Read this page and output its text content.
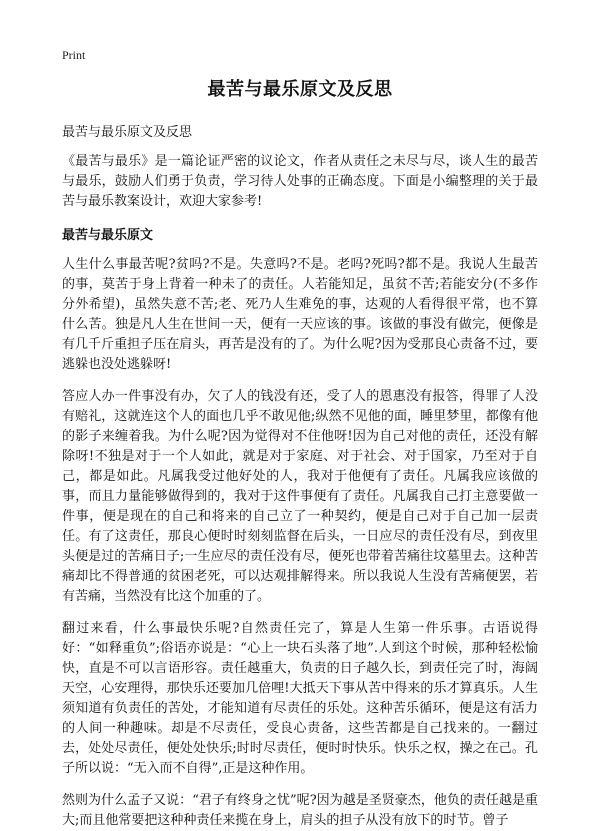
Print
最苦与最乐原文及反思
最苦与最乐原文及反思

《最苦与最乐》是一篇论证严密的议论文，作者从责任之未尽与尽，谈人生的最苦与最乐，鼓励人们勇于负责，学习待人处事的正确态度。下面是小编整理的关于最苦与最乐教案设计，欢迎大家参考!

最苦与最乐原文

人生什么事最苦呢?贫吗?不是。失意吗?不是。老吗?死吗?都不是。我说人生最苦的事，莫苦于身上背着一种未了的责任。人若能知足，虽贫不苦;若能安分(不多作分外希望)，虽然失意不苦;老、死乃人生难免的事，达观的人看得很平常，也不算什么苦。独是凡人生在世间一天，便有一天应该的事。该做的事没有做完，便像是有几千斤重担子压在肩头，再苦是没有的了。为什么呢?因为受那良心责备不过，要逃躲也没处逃躲呀!

答应人办一件事没有办，欠了人的钱没有还，受了人的恩惠没有报答，得罪了人没有赔礼，这就连这个人的面也几乎不敢见他;纵然不见他的面，睡里梦里，都像有他的影子来缠着我。为什么呢?因为觉得对不住他呀!因为自己对他的责任，还没有解除呀!不独是对于一个人如此，就是对于家庭、对于社会、对于国家，乃至对于自己，都是如此。凡属我受过他好处的人，我对于他便有了责任。凡属我应该做的事，而且力量能够做得到的，我对于这件事便有了责任。凡属我自己打主意要做一件事，便是现在的自己和将来的自己立了一种契约，便是自己对于自己加一层责任。有了这责任，那良心便时时刻刻监督在后头，一日应尽的责任没有尽，到夜里头便是过的苦痛日子;一生应尽的责任没有尽，便死也带着苦痛往坟墓里去。这种苦痛却比不得普通的贫困老死，可以达观排解得来。所以我说人生没有苦痛便罢，若有苦痛，当然没有比这个加重的了。

翻过来看，什么事最快乐呢?自然责任完了，算是人生第一件乐事。古语说得好：“如释重负”;俗语亦说是：“心上一块石头落了地”.人到这个时候，那种轻松愉快，直是不可以言语形容。责任越重大，负责的日子越久长，到责任完了时，海阔天空，心安理得，那快乐还要加几倍哩!大抵天下事从苦中得来的乐才算真乐。人生须知道有负责任的苦处，才能知道有尽责任的乐处。这种苦乐循环，便是这有活力的人间一种趣味。却是不尽责任，受良心责备，这些苦都是自己找来的。一翻过去，处处尽责任，便处处快乐;时时尽责任，便时时快乐。快乐之权，操之在己。孔子所以说：“无入而不自得”,正是这种作用。

然则为什么孟子又说：“君子有终身之忧”呢?因为越是圣贤豪杰，他负的责任越是重大;而且他常要把这种种责任来揽在身上，肩头的担子从没有放下的时节。曾子
